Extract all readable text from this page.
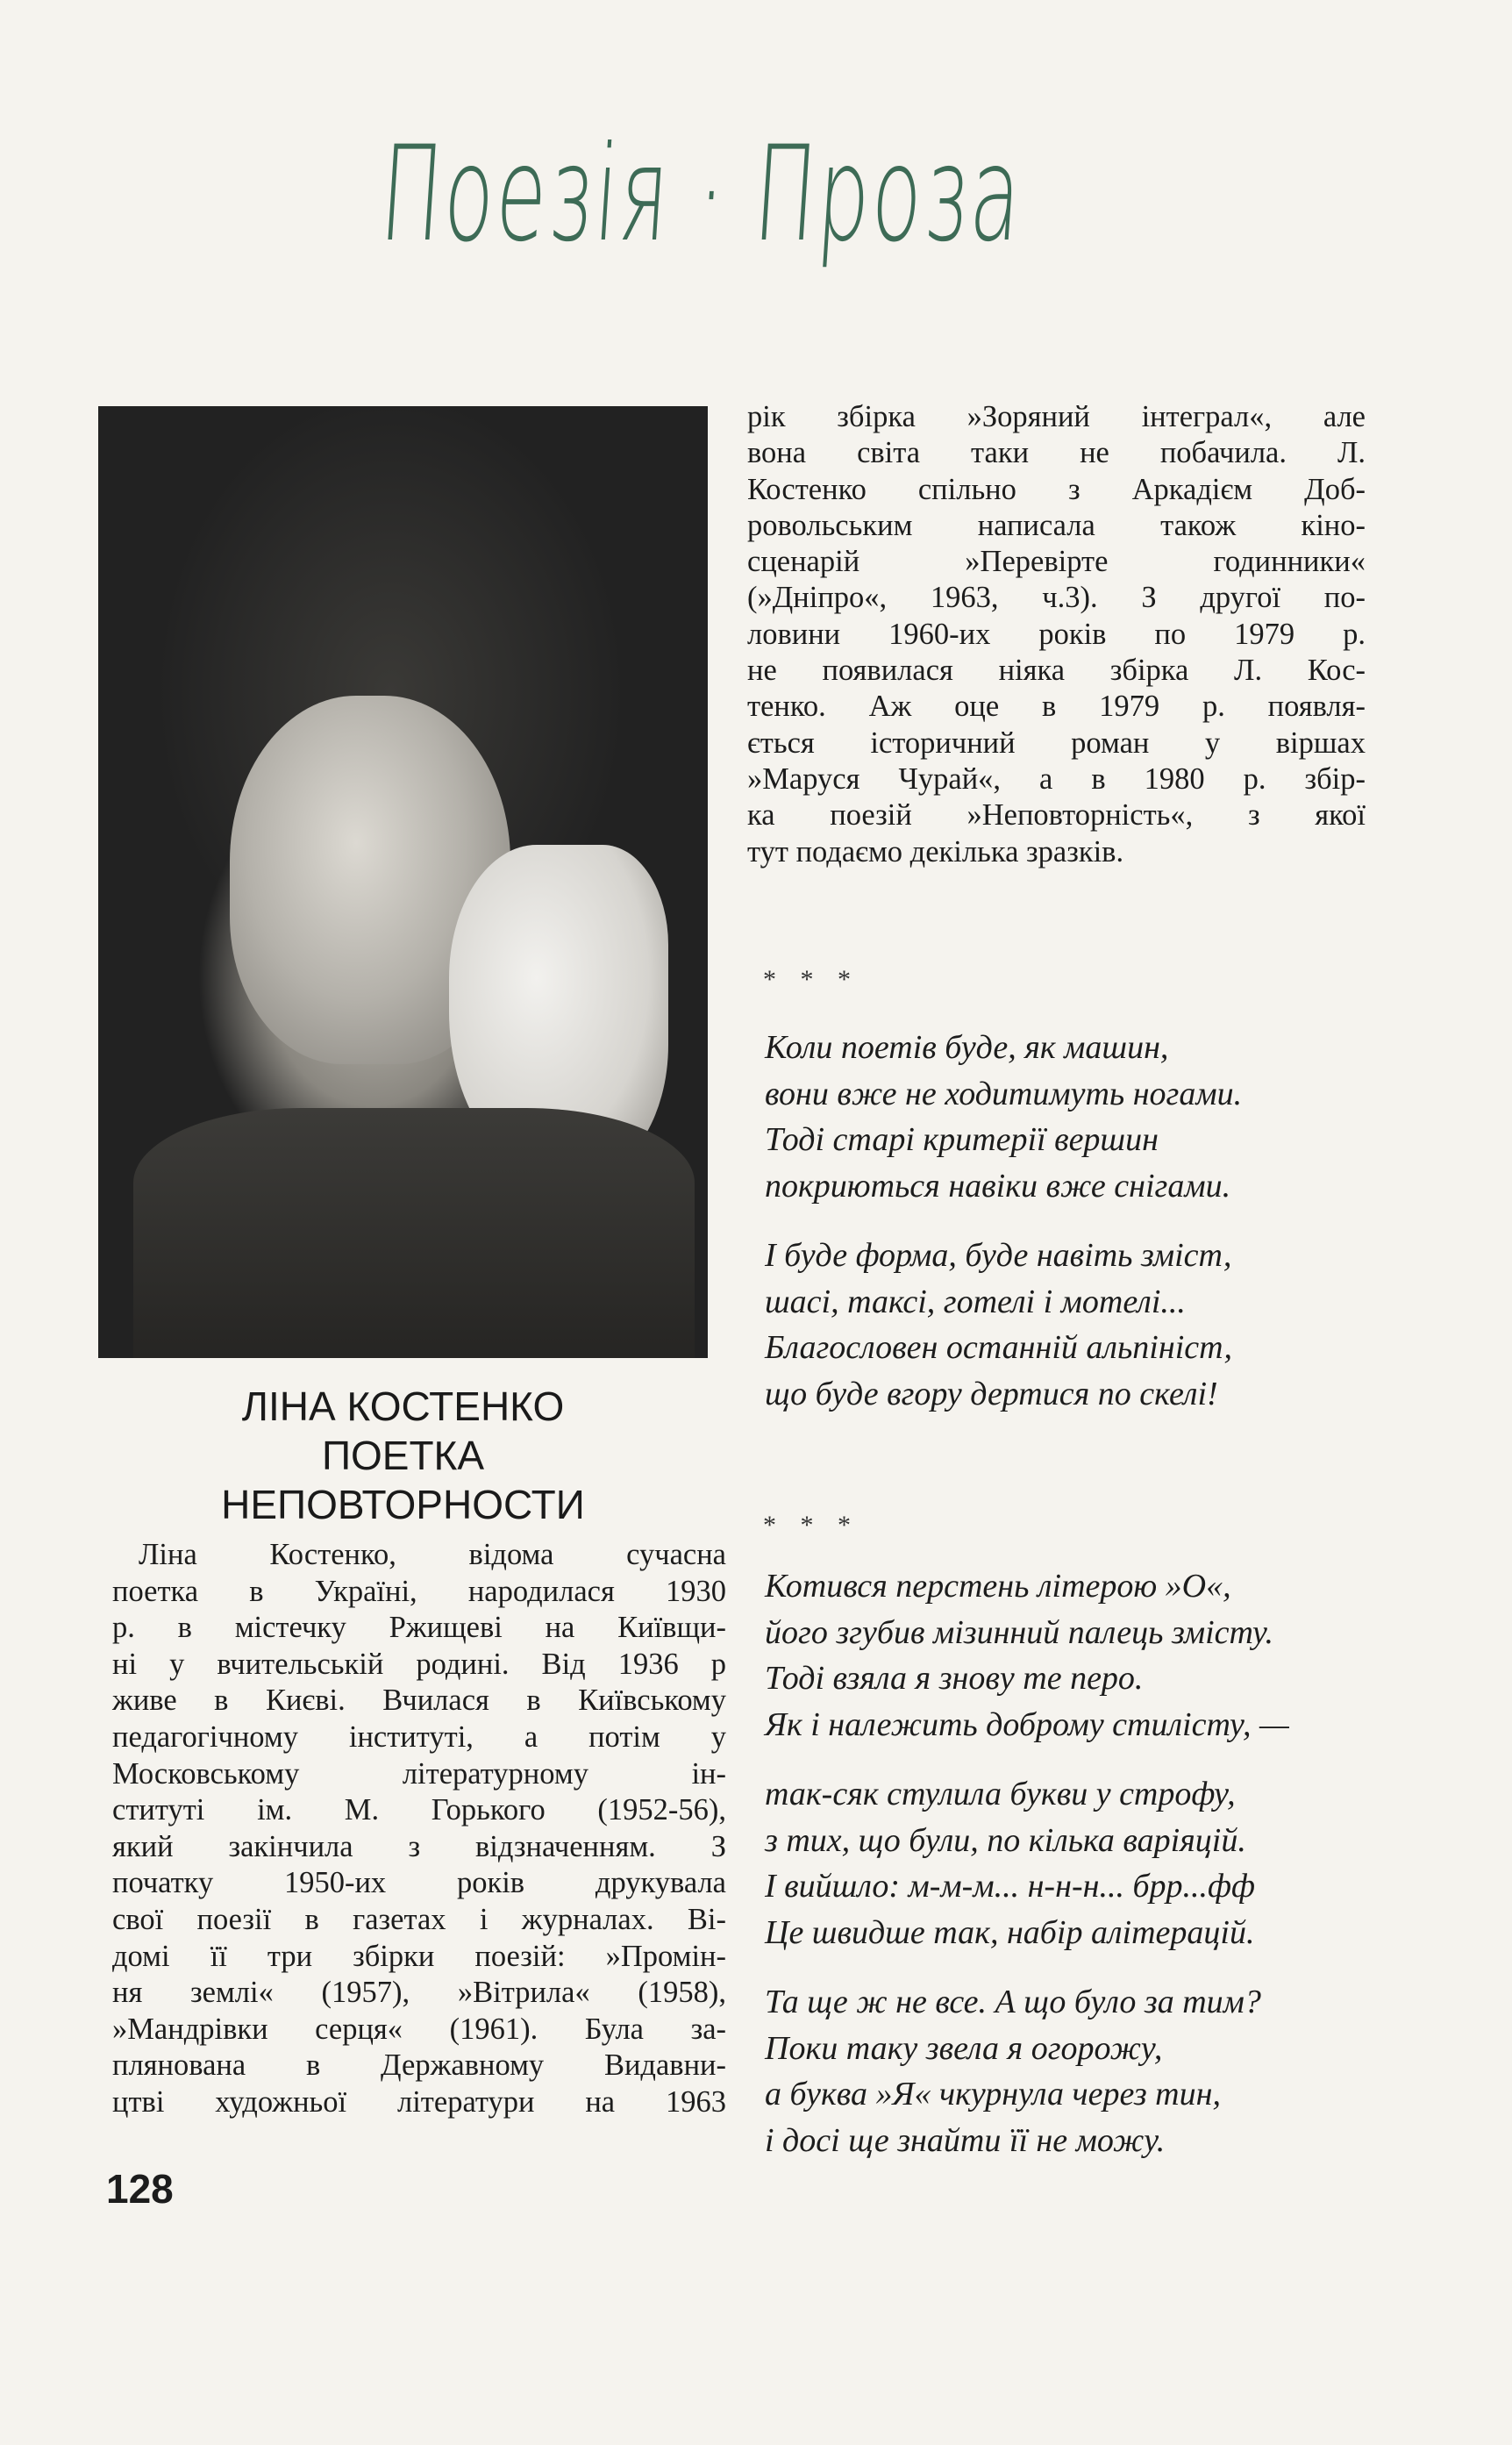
Поезія · Проза
ЛІНА КОСТЕНКО
ПОЕТКА
НЕПОВТОРНОСТИ
Ліна Костенко, відома сучасна
поетка в Україні, народилася 1930
р. в містечку Ржищеві на Київщи-
ні у вчительській родині. Від 1936 р
живе в Києві. Вчилася в Київському
педагогічному інституті, а потім у
Московському літературному ін-
ституті ім. М. Горького (1952-56),
який закінчила з відзначенням. З
початку 1950-их років друкувала
свої поезії в газетах і журналах. Ві-
домі її три збірки поезій: »Промін-
ня землі« (1957), »Вітрила« (1958),
»Мандрівки серця« (1961). Була за-
плянована в Державному Видавни-
цтві художньої літератури на 1963
128
рік збірка »Зоряний інтеграл«, але
вона світа таки не побачила. Л.
Костенко спільно з Аркадієм Доб-
ровольським написала також кіно-
сценарій »Перевірте годинники«
(»Дніпро«, 1963, ч.3). З другої по-
ловини 1960-их років по 1979 р.
не появилася ніяка збірка Л. Кос-
тенко. Аж оце в 1979 р. появля-
ється історичний роман у віршах
»Маруся Чурай«, а в 1980 р. збір-
ка поезій »Неповторність«, з якої
тут подаємо декілька зразків.
* * *
Коли поетів буде, як машин,
вони вже не ходитимуть ногами.
Тоді старі критерії вершин
покриються навіки вже снігами.
І буде форма, буде навіть зміст,
шасі, таксі, готелі і мотелі...
Благословен останній альпініст,
що буде вгору дертися по скелі!
* * *
Котився перстень літерою »О«,
його згубив мізинний палець змісту.
Тоді взяла я знову те перо.
Як і належить доброму стилісту, —
так-сяк стулила букви у строфу,
з тих, що були, по кілька варіяцій.
І вийшло: м-м-м... н-н-н... брр...фф
Це швидше так, набір алітерацій.
Та ще ж не все. А що було за тим?
Поки таку звела я огорожу,
а буква »Я« чкурнула через тин,
і досі ще знайти її не можу.
